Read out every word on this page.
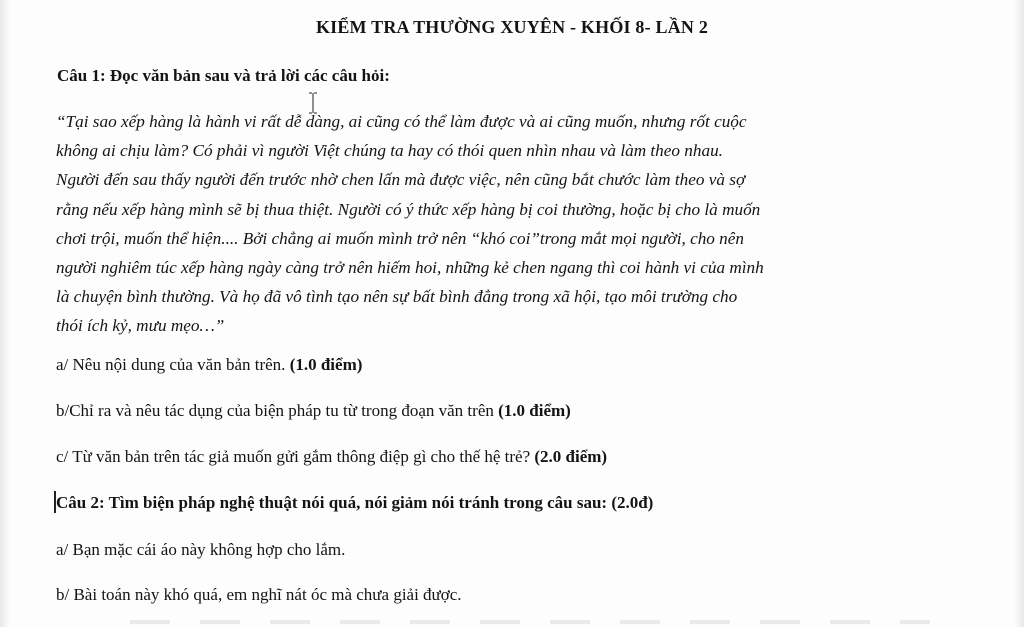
KIỂM TRA THƯỜNG XUYÊN - KHỐI 8- LẦN 2
Câu 1: Đọc văn bản sau và trả lời các câu hỏi:
“Tại sao xếp hàng là hành vi rất dễ dàng, ai cũng có thể làm được và ai cũng muốn, nhưng rốt cuộc
không ai chịu làm? Có phải vì người Việt chúng ta hay có thói quen nhìn nhau và làm theo nhau.
Người đến sau thấy người đến trước nhờ chen lấn mà được việc, nên cũng bắt chước làm theo và sợ
rằng nếu xếp hàng mình sẽ bị thua thiệt. Người có ý thức xếp hàng bị coi thường, hoặc bị cho là muốn
chơi trội, muốn thể hiện.... Bởi chẳng ai muốn mình trở nên “khó coi”trong mắt mọi người, cho nên
người nghiêm túc xếp hàng ngày càng trở nên hiếm hoi, những kẻ chen ngang thì coi hành vi của mình
là chuyện bình thường. Và họ đã vô tình tạo nên sự bất bình đẳng trong xã hội, tạo môi trường cho
thói ích kỷ, mưu mẹo…”
a/ Nêu nội dung của văn bản trên. (1.0 điểm)
b/Chỉ ra và nêu tác dụng của biện pháp tu từ trong đoạn văn trên (1.0 điểm)
c/ Từ văn bản trên tác giả muốn gửi gắm thông điệp gì cho thế hệ trẻ? (2.0 điểm)
Câu 2: Tìm biện pháp nghệ thuật nói quá, nói giảm nói tránh trong câu sau: (2.0đ)
a/ Bạn mặc cái áo này không hợp cho lắm.
b/ Bài toán này khó quá, em nghĩ nát óc mà chưa giải được.
